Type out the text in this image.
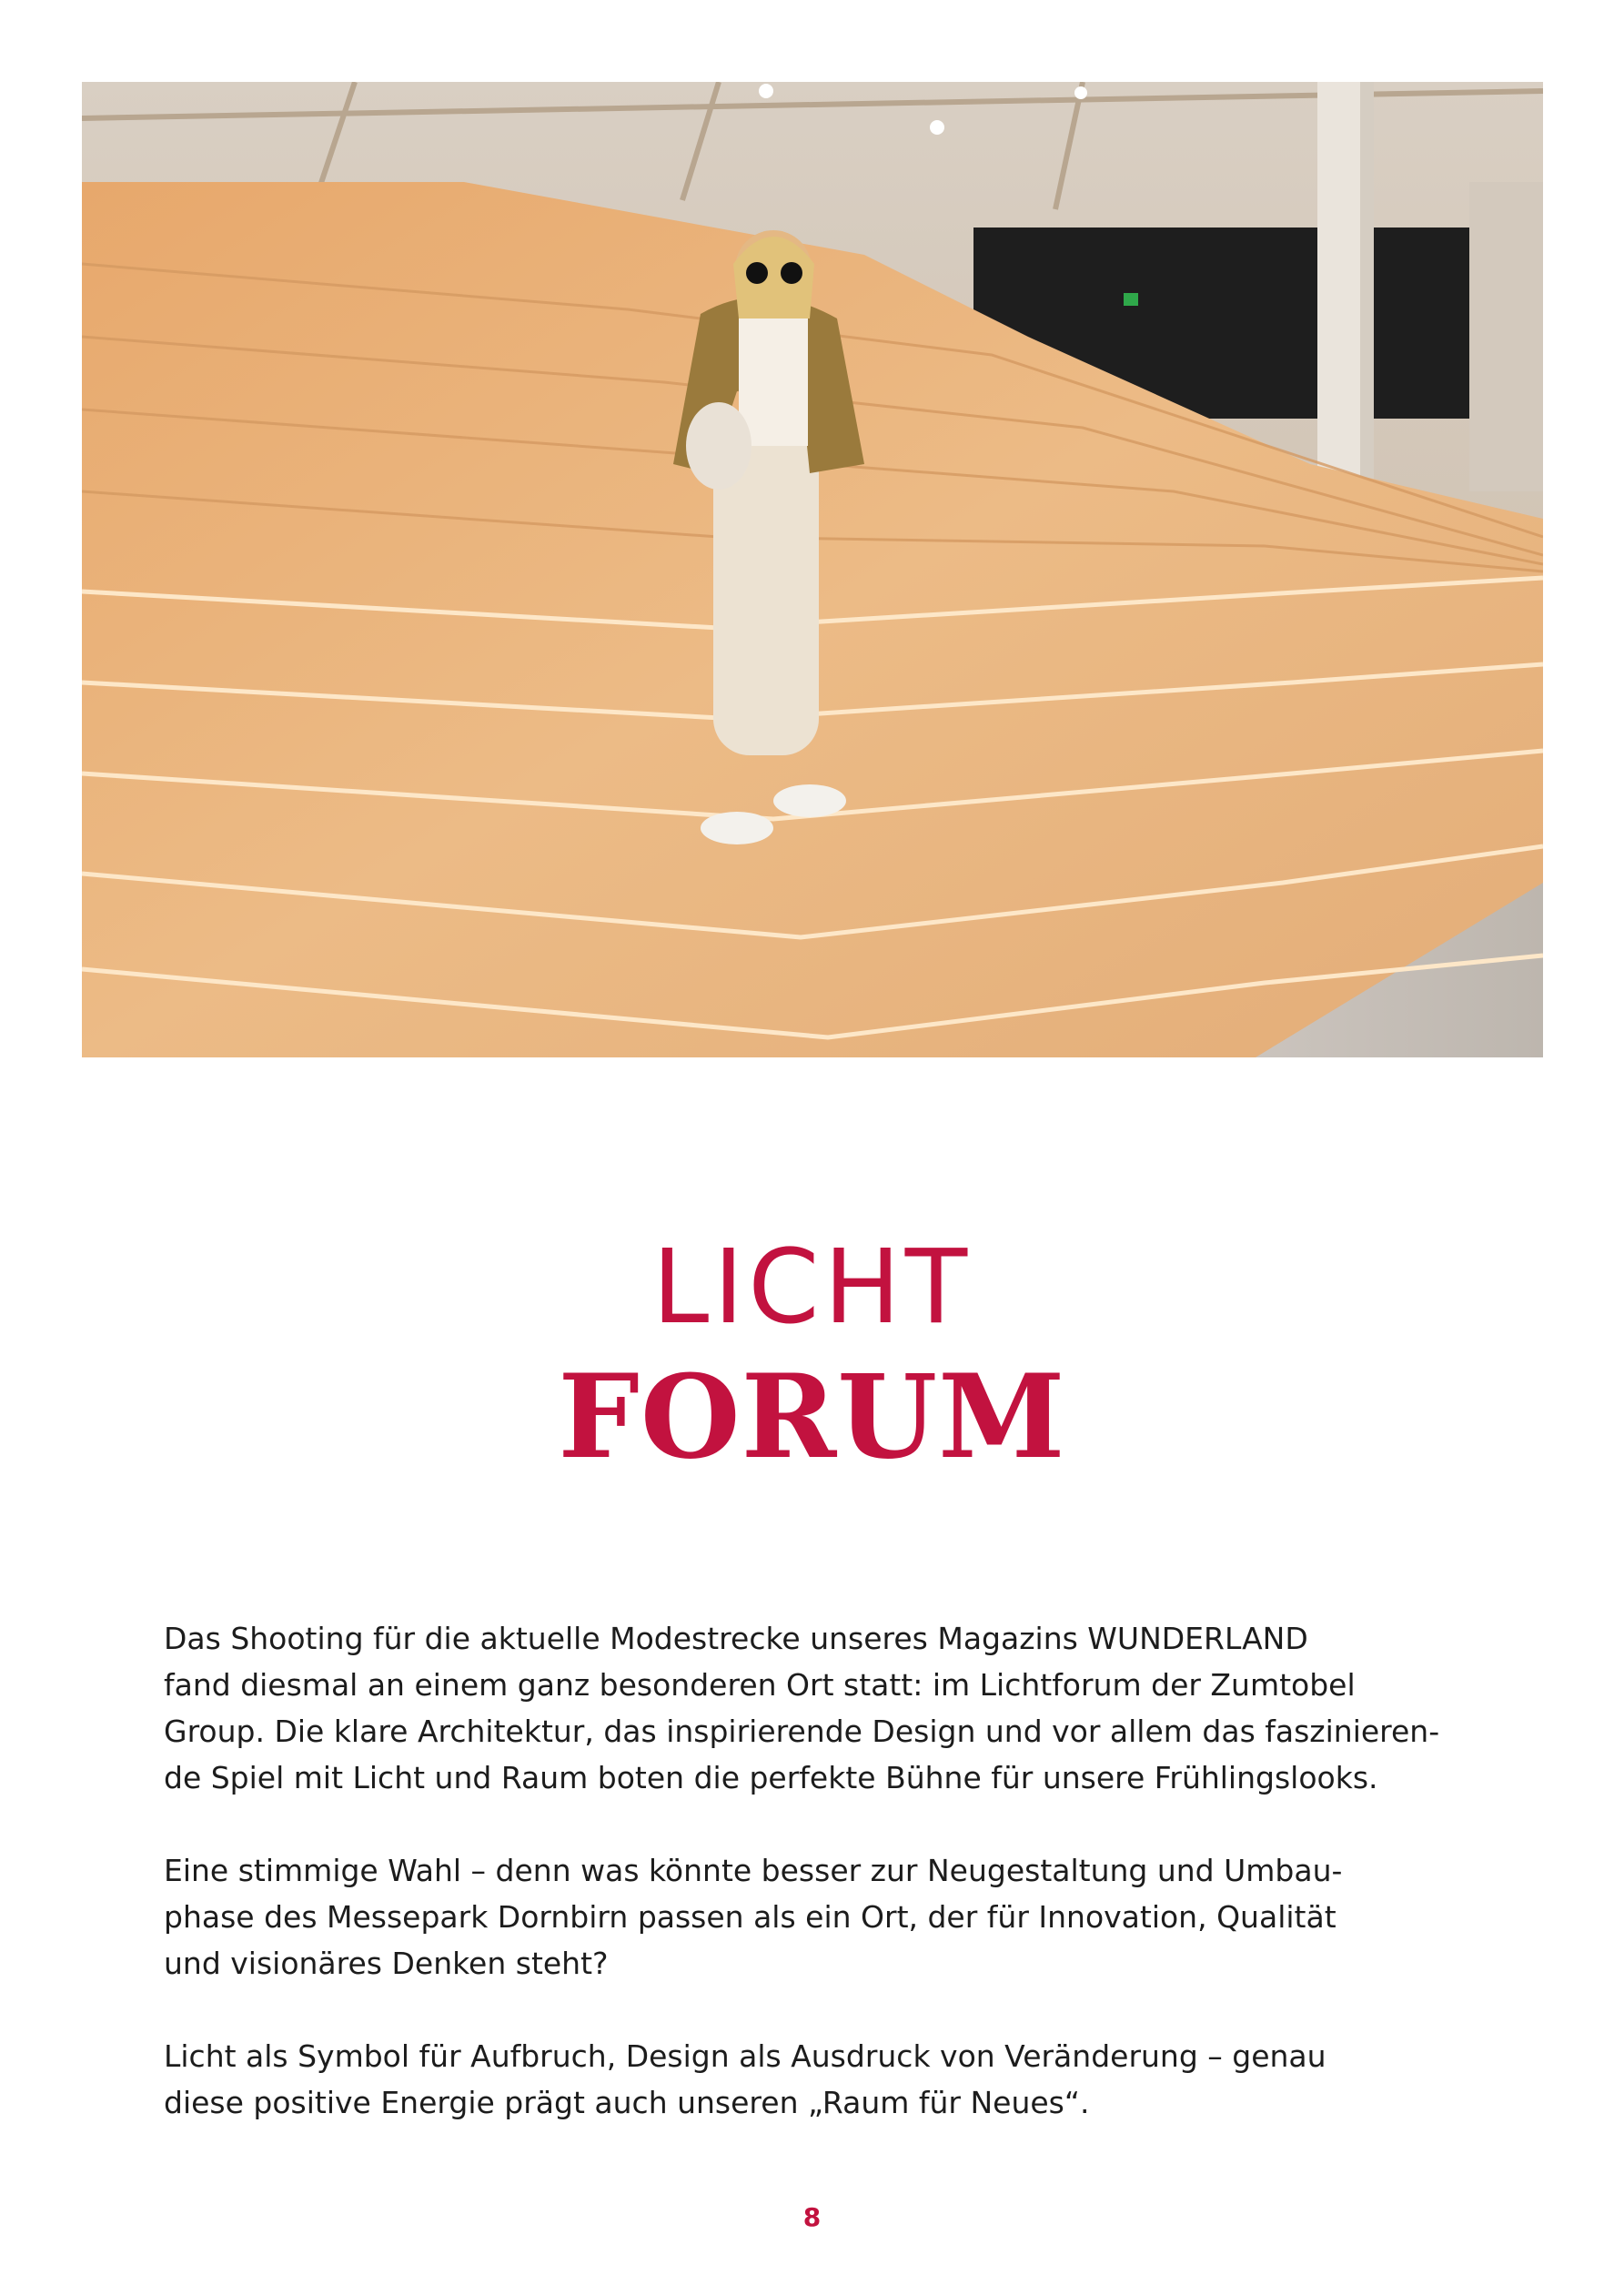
LICHT
FORUM

Das Shooting für die aktuelle Modestrecke unseres Magazins WUNDERLAND
fand diesmal an einem ganz besonderen Ort statt: im Lichtforum der Zumtobel
Group. Die klare Architektur, das inspirierende Design und vor allem das faszinieren-
de Spiel mit Licht und Raum boten die perfekte Bühne für unsere Frühlingslooks.

Eine stimmige Wahl – denn was könnte besser zur Neugestaltung und Umbau-
phase des Messepark Dornbirn passen als ein Ort, der für Innovation, Qualität
und visionäres Denken steht?

Licht als Symbol für Aufbruch, Design als Ausdruck von Veränderung – genau
diese positive Energie prägt auch unseren „Raum für Neues“.

8
